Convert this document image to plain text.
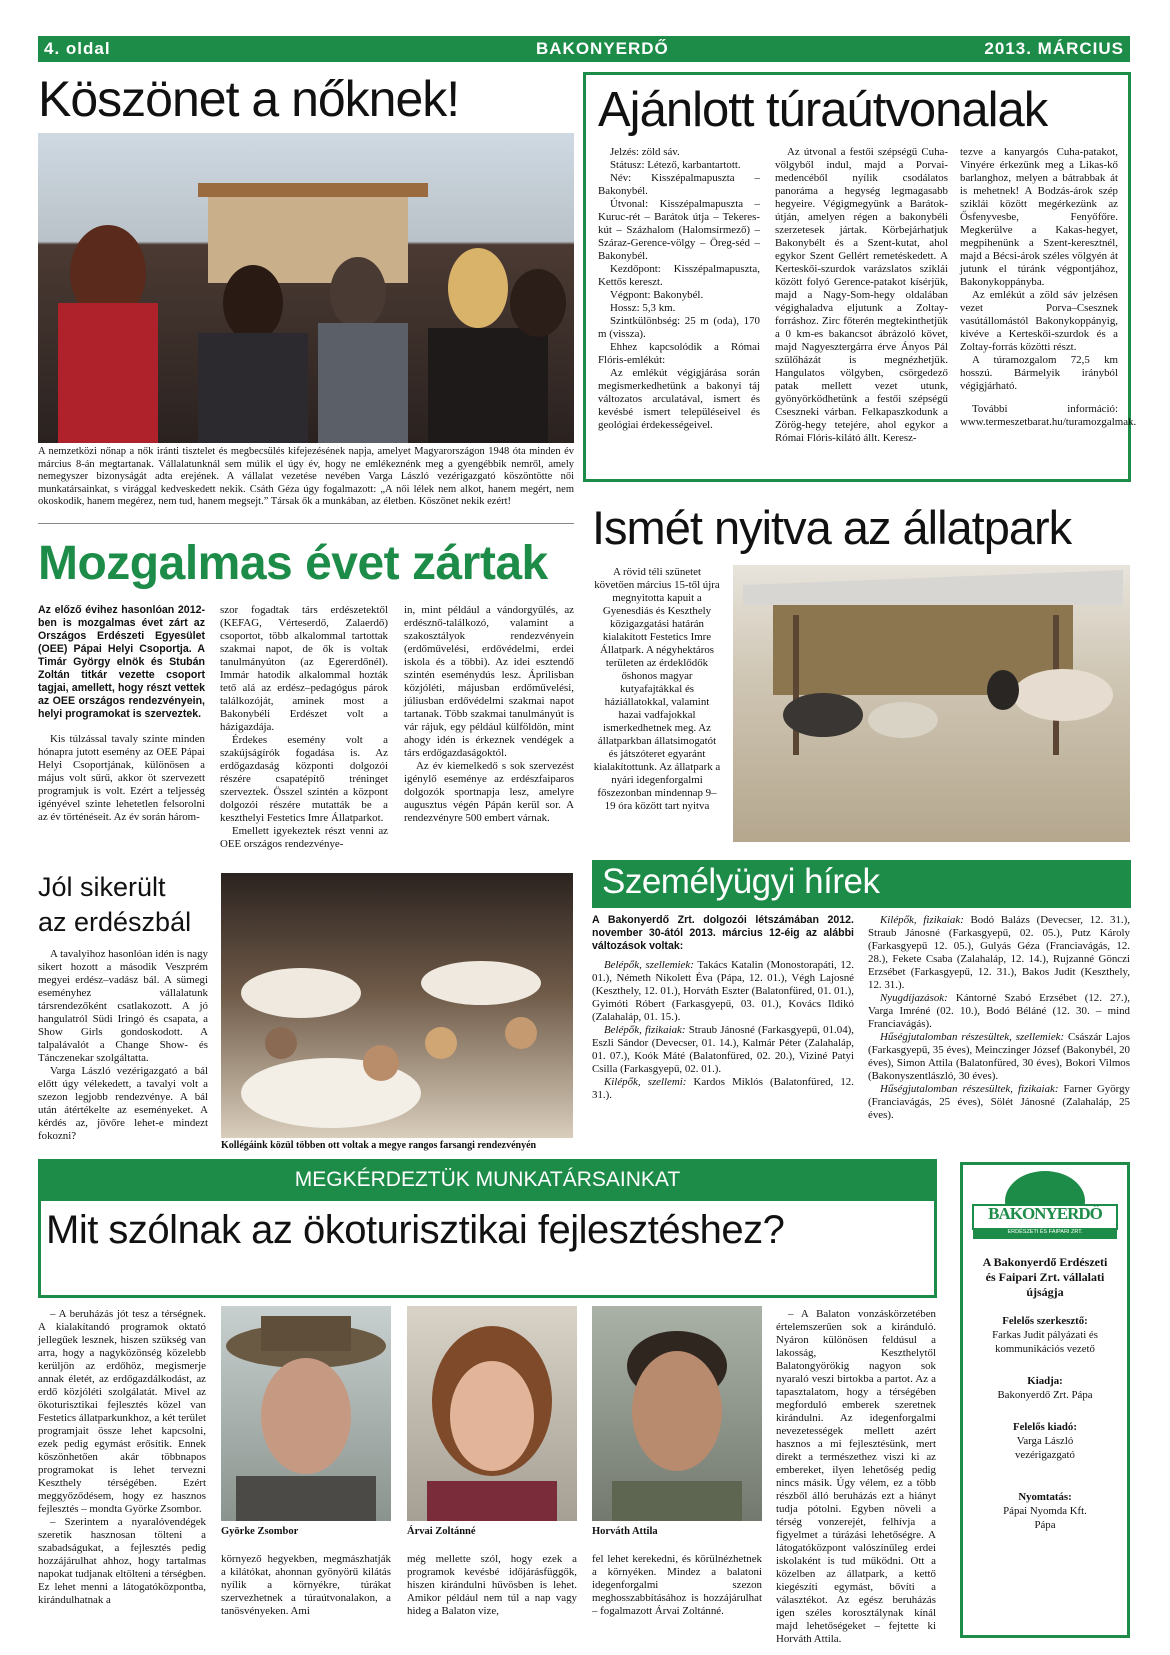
4. oldal	BAKONYERDŐ	2013. MÁRCIUS
Köszönet a nőknek!
A nemzetközi nőnap a nők iránti tisztelet és megbecsülés kifejezésének napja, amelyet Magyarországon 1948 óta minden év március 8-án megtartanak. Vállalatunknál sem múlik el úgy év, hogy ne emlékeznénk meg a gyengébbik nemről, amely nemegyszer bizonyságát adta erejének. A vállalat vezetése nevében Varga László vezérigazgató köszöntötte női munkatársainkat, s virággal kedveskedett nekik. Csáth Géza úgy fogalmazott: „A női lélek nem alkot, hanem megért, nem okoskodik, hanem megérez, nem tud, hanem megsejt.” Társak ők a munkában, az életben. Köszönet nekik ezért!
Ajánlott túraútvonalak

Jelzés: zöld sáv.

Státusz: Létező, karbantartott.

Név: Kisszépalmapuszta – Bakonybél.

Útvonal: Kisszépalmapuszta – Kuruc-rét – Barátok útja – Tekeres-kút – Százhalom (Halomsírmező) – Száraz-Gerence-völgy – Öreg-séd – Bakonybél.

Kezdőpont: Kisszépalmapuszta, Kettős kereszt.

Végpont: Bakonybél.

Hossz: 5,3 km.

Szintkülönbség: 25 m (oda), 170 m (vissza).

Ehhez kapcsolódik a Római Flóris-emlékút:

Az emlékút végigjárása során megismerkedhetünk a bakonyi táj változatos arculatával, ismert és kevésbé ismert településeivel és geológiai érdekességeivel.

Az útvonal a festői szépségű Cuha-völgyből indul, majd a Porvai-medencéből nyílik csodálatos panoráma a hegység legmagasabb hegyeire. Végigmegyünk a Barátok-útján, amelyen régen a bakonybéli szerzetesek jártak. Körbejárhatjuk Bakonybélt és a Szent-kutat, ahol egykor Szent Gellért remetéskedett. A Kerteskői-szurdok varázslatos sziklái között folyó Gerence-patakot kísérjük, majd a Nagy-Som-hegy oldalában végighaladva eljutunk a Zoltay-forráshoz. Zirc főterén megtekinthetjük a 0 km-es bakancsot ábrázoló követ, majd Nagyesztergárra érve Ányos Pál szülőházát is megnézhetjük. Hangulatos völgyben, csörgedező patak mellett vezet utunk, gyönyörködhetünk a festői szépségű Cseszneki várban. Felkapaszkodunk a Zörög-hegy tetejére, ahol egykor a Római Flóris-kilátó állt. Keresz-

tezve a kanyargós Cuha-patakot, Vinyére érkezünk meg a Likas-kő barlanghoz, melyen a bátrabbak át is mehetnek! A Bodzás-árok szép sziklái között megérkezünk az Ősfenyvesbe, Fenyőfőre. Megkerülve a Kakas-hegyet, megpihenünk a Szent-keresztnél, majd a Bécsi-árok széles völgyén át jutunk el túránk végpontjához, Bakonykoppányba.

Az emlékút a zöld sáv jelzésen vezet Porva–Csesznek vasútállomástól Bakonykoppányig, kivéve a Kerteskői-szurdok és a Zoltay-forrás közötti részt.

A túramozgalom 72,5 km hosszú. Bármelyik irányból végigjárható.

További információ: www.termeszetbarat.hu/turamozgalmak.

Ismét nyitva az állatpark
A rövid téli szünetet követően március 15-től újra megnyitotta kapuit a Gyenesdiás és Keszthely közigazgatási határán kialakított Festetics Imre Állatpark. A négyhektáros területen az érdeklődők őshonos magyar kutyafajtákkal és háziállatokkal, valamint hazai vadfajokkal ismerkedhetnek meg. Az állatparkban állatsimogatót és játszóteret egyaránt kialakítottunk. Az állatpark a nyári idegenforgalmi főszezonban mindennap 9–19 óra között tart nyitva
Személyügyi hírek

A Bakonyerdő Zrt. dolgozói létszámában 2012. november 30-ától 2013. március 12-éig az alábbi változások voltak:

Belépők, szellemiek: Takács Katalin (Monostorapáti, 12. 01.), Németh Nikolett Éva (Pápa, 12. 01.), Végh Lajosné (Keszthely, 12. 01.), Horváth Eszter (Balatonfüred, 01. 01.), Gyimóti Róbert (Farkasgyepű, 03. 01.), Kovács Ildikó (Zalahaláp, 01. 15.).

Belépők, fizikaiak: Straub Jánosné (Farkasgyepű, 01.04), Eszli Sándor (Devecser, 01. 14.), Kalmár Péter (Zalahaláp, 01. 07.), Koók Máté (Balatonfüred, 02. 20.), Viziné Patyi Csilla (Farkasgyepű, 02. 01.).

Kilépők, szellemi: Kardos Miklós (Balatonfüred, 12. 31.).

Kilépők, fizikaiak: Bodó Balázs (Devecser, 12. 31.), Straub Jánosné (Farkasgyepű, 02. 05.), Putz Károly (Farkasgyepű 12. 05.), Gulyás Géza (Franciavágás, 12. 28.), Fekete Csaba (Zalahaláp, 12. 14.), Rujzanné Gönczi Erzsébet (Farkasgyepű, 12. 31.), Bakos Judit (Keszthely, 12. 31.).

Nyugdíjazások: Kántorné Szabó Erzsébet (12. 27.), Varga Imréné (02. 10.), Bodó Béláné (12. 30. – mind Franciavágás).

Hűségjutalomban részesültek, szellemiek: Császár Lajos (Farkasgyepű, 35 éves), Meinczinger József (Bakonybél, 20 éves), Simon Attila (Balatonfüred, 30 éves), Bokori Vilmos (Bakonyszentlászló, 30 éves).

Hűségjutalomban részesültek, fizikaiak: Farner György (Franciavágás, 25 éves), Sölét Jánosné (Zalahaláp, 25 éves).

Mozgalmas évet zártak

Az előző évihez hasonlóan 2012-ben is mozgalmas évet zárt az Országos Erdészeti Egyesület (OEE) Pápai Helyi Csoportja. A Timár György elnök és Stubán Zoltán titkár vezette csoport tagjai, amellett, hogy részt vettek az OEE országos rendezvényein, helyi programokat is szerveztek.

Kis túlzással tavaly szinte minden hónapra jutott esemény az OEE Pápai Helyi Csoportjának, különösen a május volt sűrű, akkor öt szervezett programjuk is volt. Ezért a teljesség igényével szinte lehetetlen felsorolni az év történéseit. Az év során három-

szor fogadtak társ erdészetektől (KEFAG, Vérteserdő, Zalaerdő) csoportot, több alkalommal tartottak szakmai napot, de ők is voltak tanulmányúton (az Egererdőnél). Immár hatodik alkalommal hozták tető alá az erdész–pedagógus párok találkozóját, aminek most a Bakonybéli Erdészet volt a házigazdája.

Érdekes esemény volt a szakújságírók fogadása is. Az erdőgazdaság központi dolgozói részére csapatépítő tréninget szerveztek. Összel szintén a központ dolgozói részére mutatták be a keszthelyi Festetics Imre Állatparkot.

Emellett igyekeztek részt venni az OEE országos rendezvénye-

in, mint például a vándorgyűlés, az erdésznő-találkozó, valamint a szakosztályok rendezvényein (erdőművelési, erdővédelmi, erdei iskola és a többi). Az idei esztendő szintén eseménydús lesz. Áprilisban közjóléti, májusban erdőművelési, júliusban erdővédelmi szakmai napot tartanak. Több szakmai tanulmányút is vár rájuk, egy például külföldön, mint ahogy idén is érkeznek vendégek a társ erdőgazdaságoktól.

Az év kiemelkedő s sok szervezést igénylő eseménye az erdészfaiparos dolgozók sportnapja lesz, amelyre augusztus végén Pápán kerül sor. A rendezvényre 500 embert várnak.

Jól sikerült
az erdészbál

A tavalyihoz hasonlóan idén is nagy sikert hozott a második Veszprém megyei erdész–vadász bál. A sümegi eseményhez vállalatunk társrendezőként csatlakozott. A jó hangulatról Südi Iringó és csapata, a Show Girls gondoskodott. A talpalávalót a Change Show- és Tánczenekar szolgáltatta.

Varga László vezérigazgató a bál előtt úgy vélekedett, a tavalyi volt a szezon legjobb rendezvénye. A bál után átértékelte az eseményeket. A kérdés az, jövőre lehet-e mindezt fokozni?

Kollégáink közül többen ott voltak a megye rangos farsangi rendezvényén
MEGKÉRDEZTÜK MUNKATÁRSAINKAT
Mit szólnak az ökoturisztikai fejlesztéshez?

– A beruházás jót tesz a térségnek. A kialakítandó programok oktató jellegűek lesznek, hiszen szükség van arra, hogy a nagyközönség közelebb kerüljön az erdőhöz, megismerje annak életét, az erdőgazdálkodást, az erdő közjóléti szolgálatát. Mivel az ökoturisztikai fejlesztés közel van Festetics állatparkunkhoz, a két terület programjait össze lehet kapcsolni, ezek pedig egymást erősítik. Ennek köszönhetően akár többnapos programokat is lehet tervezni Keszthely térségében. Ezért meggyőződésem, hogy ez hasznos fejlesztés – mondta Györke Zsombor.

– Szerintem a nyaralóvendégek szeretik hasznosan tölteni a szabadságukat, a fejlesztés pedig hozzájárulhat ahhoz, hogy tartalmas napokat tudjanak eltölteni a térségben. Ez lehet menni a látogatóközpontba, kirándulhatnak a

Györke Zsombor	Árvai Zoltánné	Horváth Attila
környező hegyekben, megmászhatják a kilátókat, ahonnan gyönyörű kilátás nyílik a környékre, túrákat szervezhetnek a túraútvonalakon, a tanösvényeken. Ami
még mellette szól, hogy ezek a programok kevésbé időjárásfüggők, hiszen kirándulni hűvösben is lehet. Amikor például nem túl a nap vagy hideg a Balaton vize,
fel lehet kerekedni, és körülnézhetnek a környéken. Mindez a balatoni idegenforgalmi szezon meghosszabbításához is hozzájárulhat – fogalmazott Árvai Zoltánné.

– A Balaton vonzáskörzetében értelemszerűen sok a kiránduló. Nyáron különösen feldúsul a lakosság, Keszthelytől Balatongyörökig nagyon sok nyaraló veszi birtokba a partot. Az a tapasztalatom, hogy a térségében megforduló emberek szeretnek kirándulni. Az idegenforgalmi nevezetességek mellett azért hasznos a mi fejlesztésünk, mert direkt a természethez viszi ki az embereket, ilyen lehetőség pedig nincs másik. Úgy vélem, ez a több részből álló beruházás ezt a hiányt tudja pótolni. Egyben növeli a térség vonzerejét, felhívja a figyelmet a túrázási lehetőségre. A látogatóközpont valószínűleg erdei iskolaként is tud működni. Ott a közelben az állatpark, a kettő kiegészíti egymást, bővíti a választékot. Az egész beruházás igen széles korosztálynak kínál majd lehetőségeket – fejtette ki Horváth Attila.

BAKONYERDŐ
ERDÉSZETI ÉS FAIPARI ZRT.
A Bakonyerdő Erdészeti és Faipari Zrt. vállalati újságja
Felelős szerkesztő:
Farkas Judit pályázati és kommunikációs vezető
Kiadja:
Bakonyerdő Zrt. Pápa
Felelős kiadó:
Varga László vezérigazgató
Nyomtatás:
Pápai Nyomda Kft. Pápa
